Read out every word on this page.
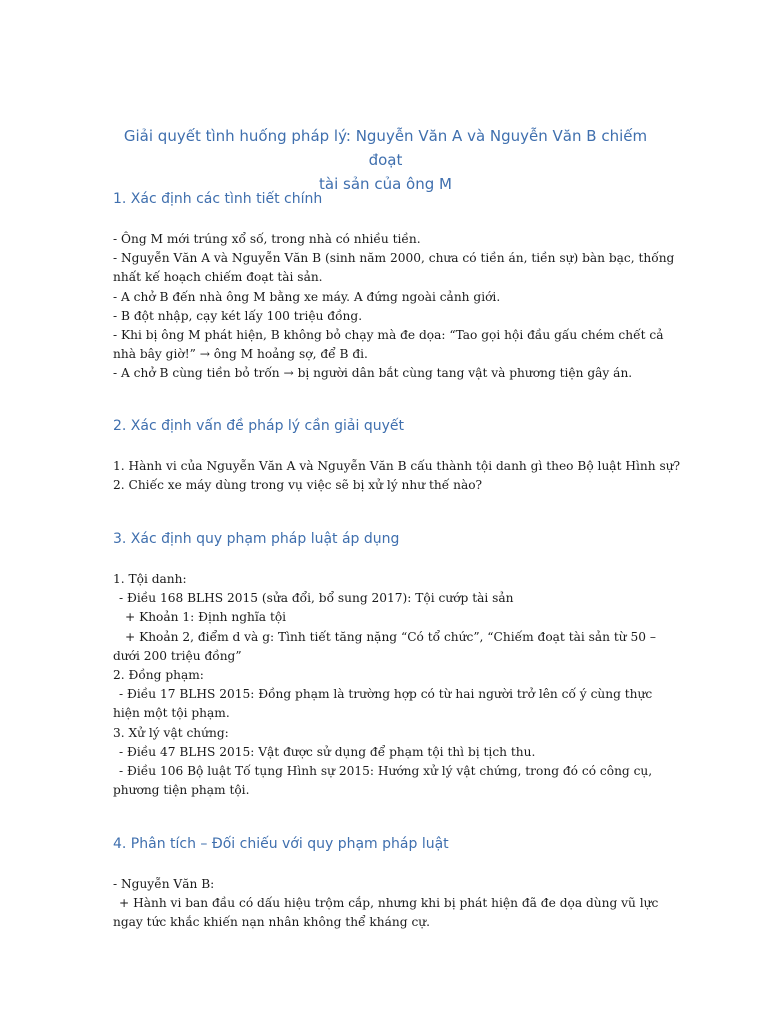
Giải quyết tình huống pháp lý: Nguyễn Văn A và Nguyễn Văn B chiếm đoạt
tài sản của ông M
1. Xác định các tình tiết chính
- Ông M mới trúng xổ số, trong nhà có nhiều tiền.
- Nguyễn Văn A và Nguyễn Văn B (sinh năm 2000, chưa có tiền án, tiền sự) bàn bạc, thống
nhất kế hoạch chiếm đoạt tài sản.
- A chở B đến nhà ông M bằng xe máy. A đứng ngoài cảnh giới.
- B đột nhập, cạy két lấy 100 triệu đồng.
- Khi bị ông M phát hiện, B không bỏ chạy mà đe dọa: “Tao gọi hội đầu gấu chém chết cả
nhà bây giờ!” → ông M hoảng sợ, để B đi.
- A chở B cùng tiền bỏ trốn → bị người dân bắt cùng tang vật và phương tiện gây án.
2. Xác định vấn đề pháp lý cần giải quyết
1. Hành vi của Nguyễn Văn A và Nguyễn Văn B cấu thành tội danh gì theo Bộ luật Hình sự?
2. Chiếc xe máy dùng trong vụ việc sẽ bị xử lý như thế nào?
3. Xác định quy phạm pháp luật áp dụng
1. Tội danh:
- Điều 168 BLHS 2015 (sửa đổi, bổ sung 2017): Tội cướp tài sản
+ Khoản 1: Định nghĩa tội
+ Khoản 2, điểm d và g: Tình tiết tăng nặng “Có tổ chức”, “Chiếm đoạt tài sản từ 50 –
dưới 200 triệu đồng”
2. Đồng phạm:
- Điều 17 BLHS 2015: Đồng phạm là trường hợp có từ hai người trở lên cố ý cùng thực
hiện một tội phạm.
3. Xử lý vật chứng:
- Điều 47 BLHS 2015: Vật được sử dụng để phạm tội thì bị tịch thu.
- Điều 106 Bộ luật Tố tụng Hình sự 2015: Hướng xử lý vật chứng, trong đó có công cụ,
phương tiện phạm tội.
4. Phân tích – Đối chiếu với quy phạm pháp luật
- Nguyễn Văn B:
+ Hành vi ban đầu có dấu hiệu trộm cắp, nhưng khi bị phát hiện đã đe dọa dùng vũ lực
ngay tức khắc khiến nạn nhân không thể kháng cự.
